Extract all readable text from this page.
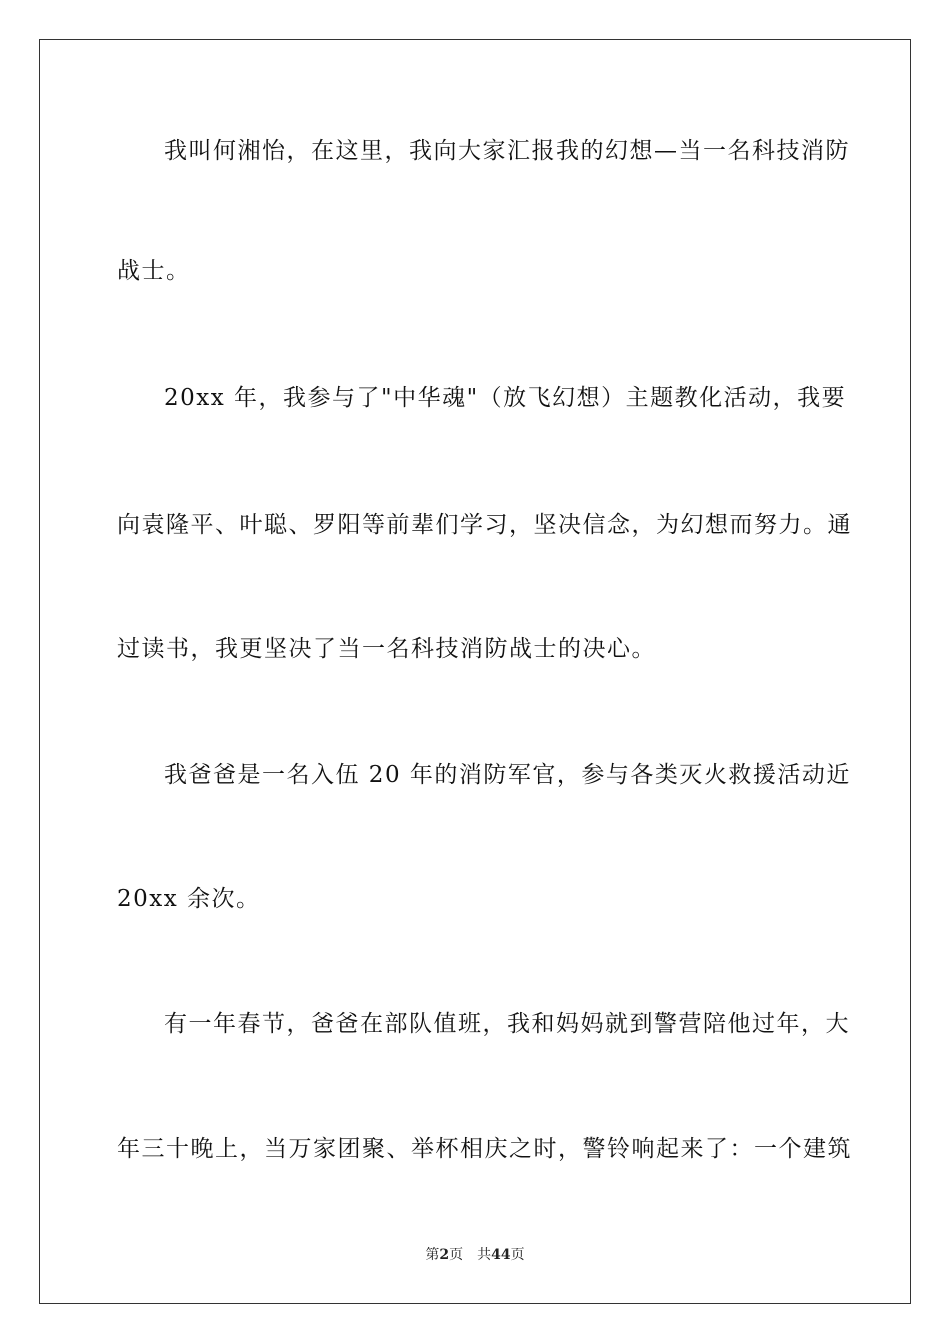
我叫何湘怡，在这里，我向大家汇报我的幻想—当一名科技消防
战士。
20xx 年，我参与了"中华魂"（放飞幻想）主题教化活动，我要
向袁隆平、叶聪、罗阳等前辈们学习，坚决信念，为幻想而努力。通
过读书，我更坚决了当一名科技消防战士的决心。
我爸爸是一名入伍 20 年的消防军官，参与各类灭火救援活动近
20xx 余次。
有一年春节，爸爸在部队值班，我和妈妈就到警营陪他过年，大
年三十晚上，当万家团聚、举杯相庆之时，警铃响起来了：一个建筑
第2页 共44页
